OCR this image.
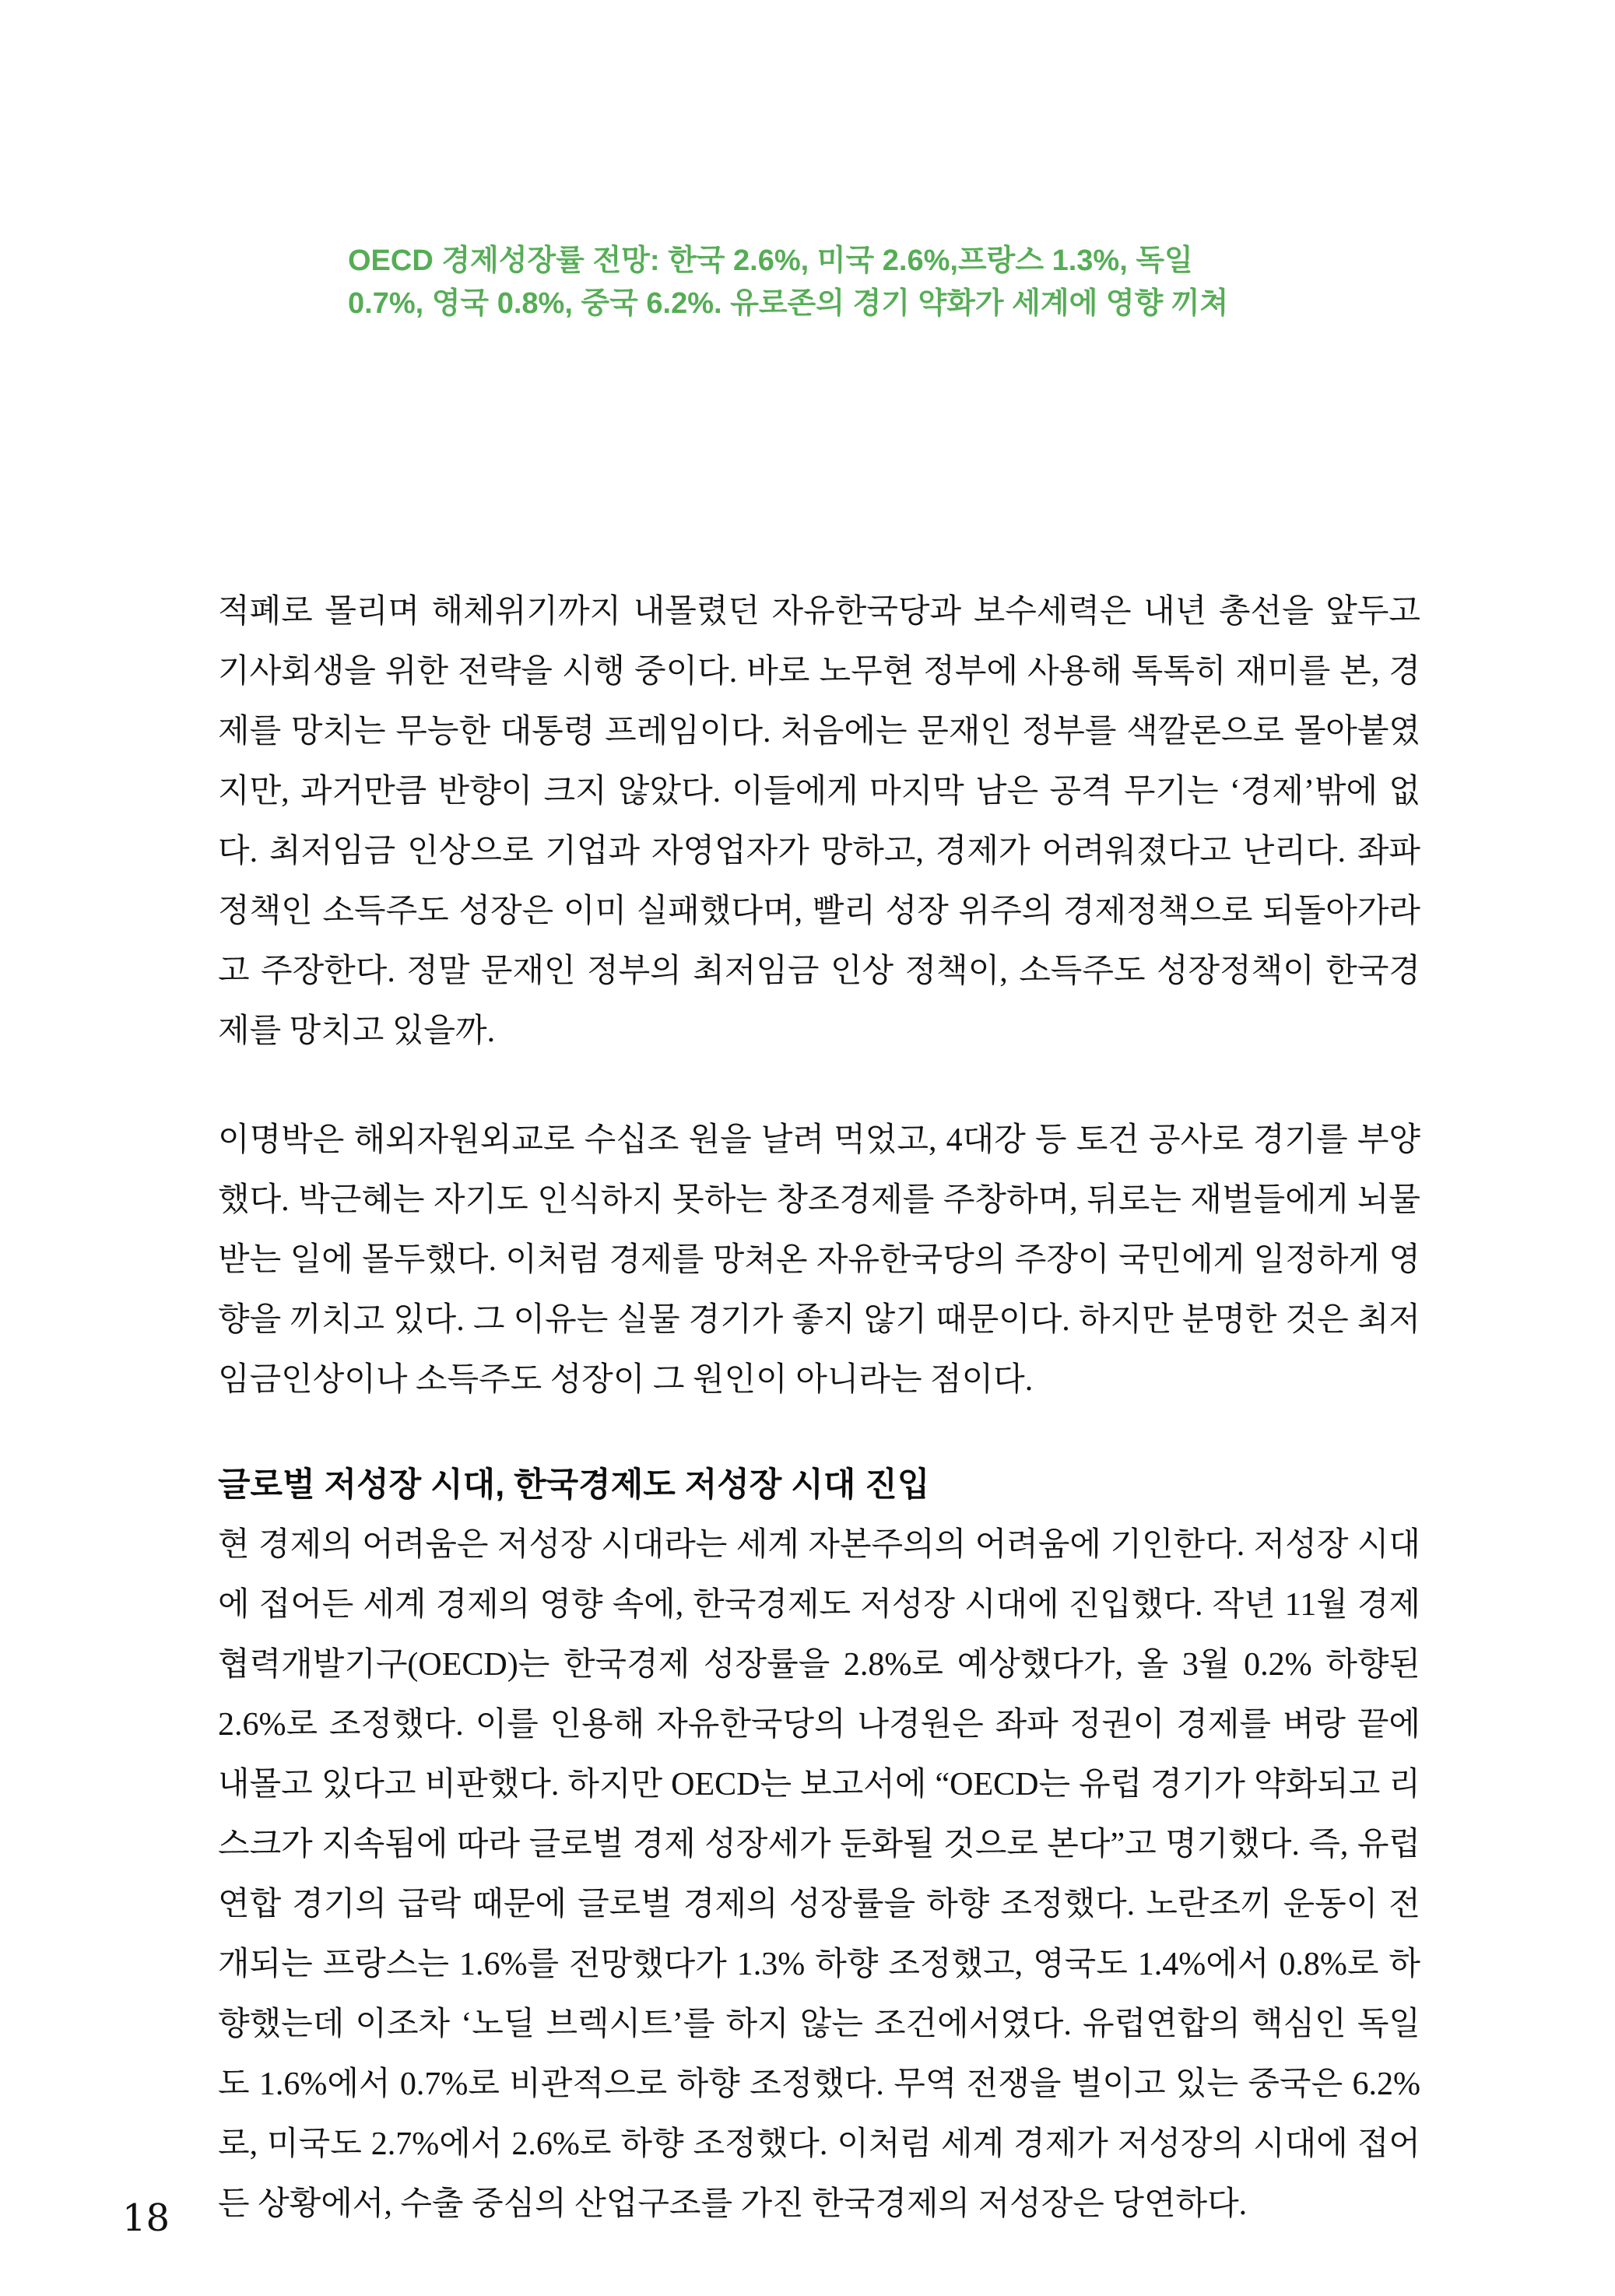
OECD 경제성장률 전망: 한국 2.6%, 미국 2.6%,프랑스 1.3%, 독일
0.7%, 영국 0.8%, 중국 6.2%. 유로존의 경기 약화가 세계에 영향 끼쳐

적폐로 몰리며 해체위기까지 내몰렸던 자유한국당과 보수세력은 내년 총선을 앞두고 기사회생을 위한 전략을 시행 중이다. 바로 노무현 정부에 사용해 톡톡히 재미를 본, 경제를 망치는 무능한 대통령 프레임이다. 처음에는 문재인 정부를 색깔론으로 몰아붙였지만, 과거만큼 반향이 크지 않았다. 이들에게 마지막 남은 공격 무기는 ‘경제’밖에 없다. 최저임금 인상으로 기업과 자영업자가 망하고, 경제가 어려워졌다고 난리다. 좌파정책인 소득주도 성장은 이미 실패했다며, 빨리 성장 위주의 경제정책으로 되돌아가라고 주장한다. 정말 문재인 정부의 최저임금 인상 정책이, 소득주도 성장정책이 한국경제를 망치고 있을까.

이명박은 해외자원외교로 수십조 원을 날려 먹었고, 4대강 등 토건 공사로 경기를 부양했다. 박근혜는 자기도 인식하지 못하는 창조경제를 주창하며, 뒤로는 재벌들에게 뇌물 받는 일에 몰두했다. 이처럼 경제를 망쳐온 자유한국당의 주장이 국민에게 일정하게 영향을 끼치고 있다. 그 이유는 실물 경기가 좋지 않기 때문이다. 하지만 분명한 것은 최저임금인상이나 소득주도 성장이 그 원인이 아니라는 점이다.

글로벌 저성장 시대, 한국경제도 저성장 시대 진입

현 경제의 어려움은 저성장 시대라는 세계 자본주의의 어려움에 기인한다. 저성장 시대에 접어든 세계 경제의 영향 속에, 한국경제도 저성장 시대에 진입했다. 작년 11월 경제협력개발기구(OECD)는 한국경제 성장률을 2.8%로 예상했다가, 올 3월 0.2% 하향된 2.6%로 조정했다. 이를 인용해 자유한국당의 나경원은 좌파 정권이 경제를 벼랑 끝에 내몰고 있다고 비판했다. 하지만 OECD는 보고서에 “OECD는 유럽 경기가 약화되고 리스크가 지속됨에 따라 글로벌 경제 성장세가 둔화될 것으로 본다”고 명기했다. 즉, 유럽연합 경기의 급락 때문에 글로벌 경제의 성장률을 하향 조정했다. 노란조끼 운동이 전개되는 프랑스는 1.6%를 전망했다가 1.3% 하향 조정했고, 영국도 1.4%에서 0.8%로 하향했는데 이조차 ‘노딜 브렉시트’를 하지 않는 조건에서였다. 유럽연합의 핵심인 독일도 1.6%에서 0.7%로 비관적으로 하향 조정했다. 무역 전쟁을 벌이고 있는 중국은 6.2%로, 미국도 2.7%에서 2.6%로 하향 조정했다. 이처럼 세계 경제가 저성장의 시대에 접어든 상황에서, 수출 중심의 산업구조를 가진 한국경제의 저성장은 당연하다.

18
